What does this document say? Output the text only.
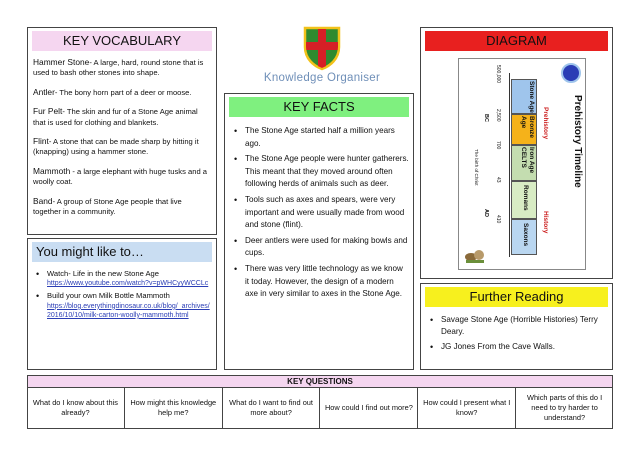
KEY VOCABULARY

Hammer Stone- A large, hard, round stone that is used to bash other stones into shape.

Antler- The bony horn part of a deer or moose.

Fur Pelt- The skin and fur of a Stone Age animal that is used for clothing and blankets.

Flint- A stone that can be made sharp by hitting it (knapping) using a hammer stone.

Mammoth - a large elephant with huge tusks and a woolly coat.

Band- A group of Stone Age people that live together in a community.

You might like to…
• Watch- Life in the new Stone Age
https://www.youtube.com/watch?v=pWHCyyWCCLc
• Build your own Milk Bottle Mammoth
https://blog.everythingdinosaur.co.uk/blog/_archives/2016/10/10/milk-carton-woolly-mammoth.html
Knowledge Organiser
KEY FACTS
• The Stone Age started half a million years ago.
• The Stone Age people were hunter gatherers. This meant that they moved around often following herds of animals such as deer.
• Tools such as axes and spears, were very important and were usually made from wood and stone (flint).
• Deer antlers were used for making bowls and cups.
• There was very little technology as we know it today. However, the design of a modern axe in very similar to axes in the Stone Age.
DIAGRAM
Prehistory Timeline
Prehistory
History
Stone Age
Bronze Age
Iron Age CELTS
Romans
Saxons
500,000
2,500
700
43
410
BC
AD
The birth of Christ
Further Reading
• Savage Stone Age (Horrible Histories) Terry Deary.
• JG Jones From the Cave Walls.
KEY QUESTIONS
What do I know about this already?
How might this knowledge help me?
What do I want to find out more about?
How could I find out more?
How could I present what I know?
Which parts of this do I need to try harder to understand?
